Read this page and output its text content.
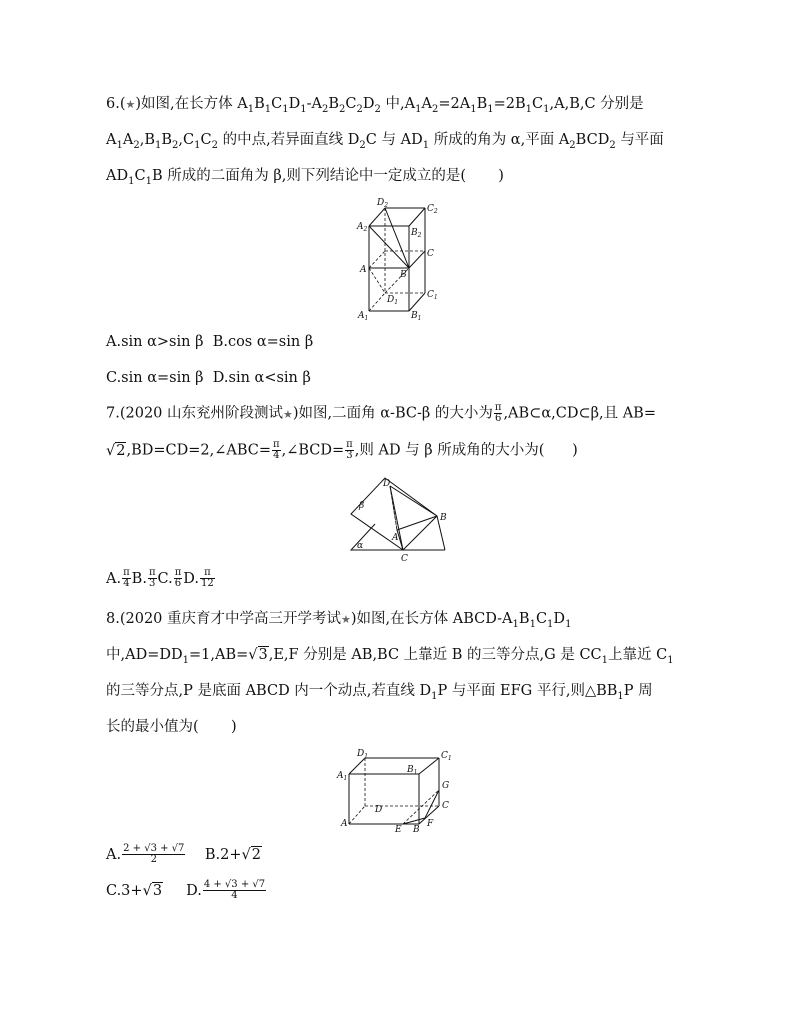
6.(★)如图,在长方体 $A_1B_1C_1D_1-A_2B_2C_2D_2$ 中$,A_1A_2=2A_1B_1=2B_1C_1,A,B,C$ 分别是
$A_1A_2,B_1B_2,C_1C_2$ 的中点,若异面直线 $D_2C$ 与 $AD_1$ 所成的角为 α,平面 $A_2BCD_2$ 与平面
$AD_1C_1B$ 所成的二面角为 β,则下列结论中一定成立的是( )
$D_2$	$C_2$
$A_2$	$B_2$
C
A	B
$D_1$
$C_1$
$A_1$	$B_1$
A.sin α>sin β B.cos α=sin β
C.sin α=sin β D.sin α<sin β
7.(2020 山东兖州阶段测试★)如图,二面角 α-BC-β 的大小为 $\frac{\pi}{6}$ ,AB⊂α,CD⊂β,且 AB=
√2,BD=CD=2,∠ABC= $\frac{\pi}{4}$ ,∠BCD= $\frac{\pi}{3}$ ,则 AD 与 β 所成角的大小为( )
β
D
A
B
α
C
A. $\frac{\pi}{4} B$. $\frac{\pi}{3} C$. $\frac{\pi}{6} D$. $\frac{\pi}{12}$
8.(2020 重庆育才中学高三开学考试★)如图,在长方体 ABCD-$A_1B_1C_1D_1$
中$,AD=DD_1=1,AB=√3,E,F$ 分别是 AB,BC 上靠近 B 的三等分点,G 是 $CC_1$上靠近 $C_1$
的三等分点,P 是底面 ABCD 内一个动点,若直线 $D_1P$ 与平面 EFG 平行,则$\triangle BB_1P$ 周
长的最小值为( )
$D_1$	$C_1$
$A_1$
$B_1$
G
D	C
A
E B
F
A. $\frac{2 + √3 + √7}{2} B.2+√2$
C.3+√3 D. $\frac{4 + √3 + √7}{4}$
